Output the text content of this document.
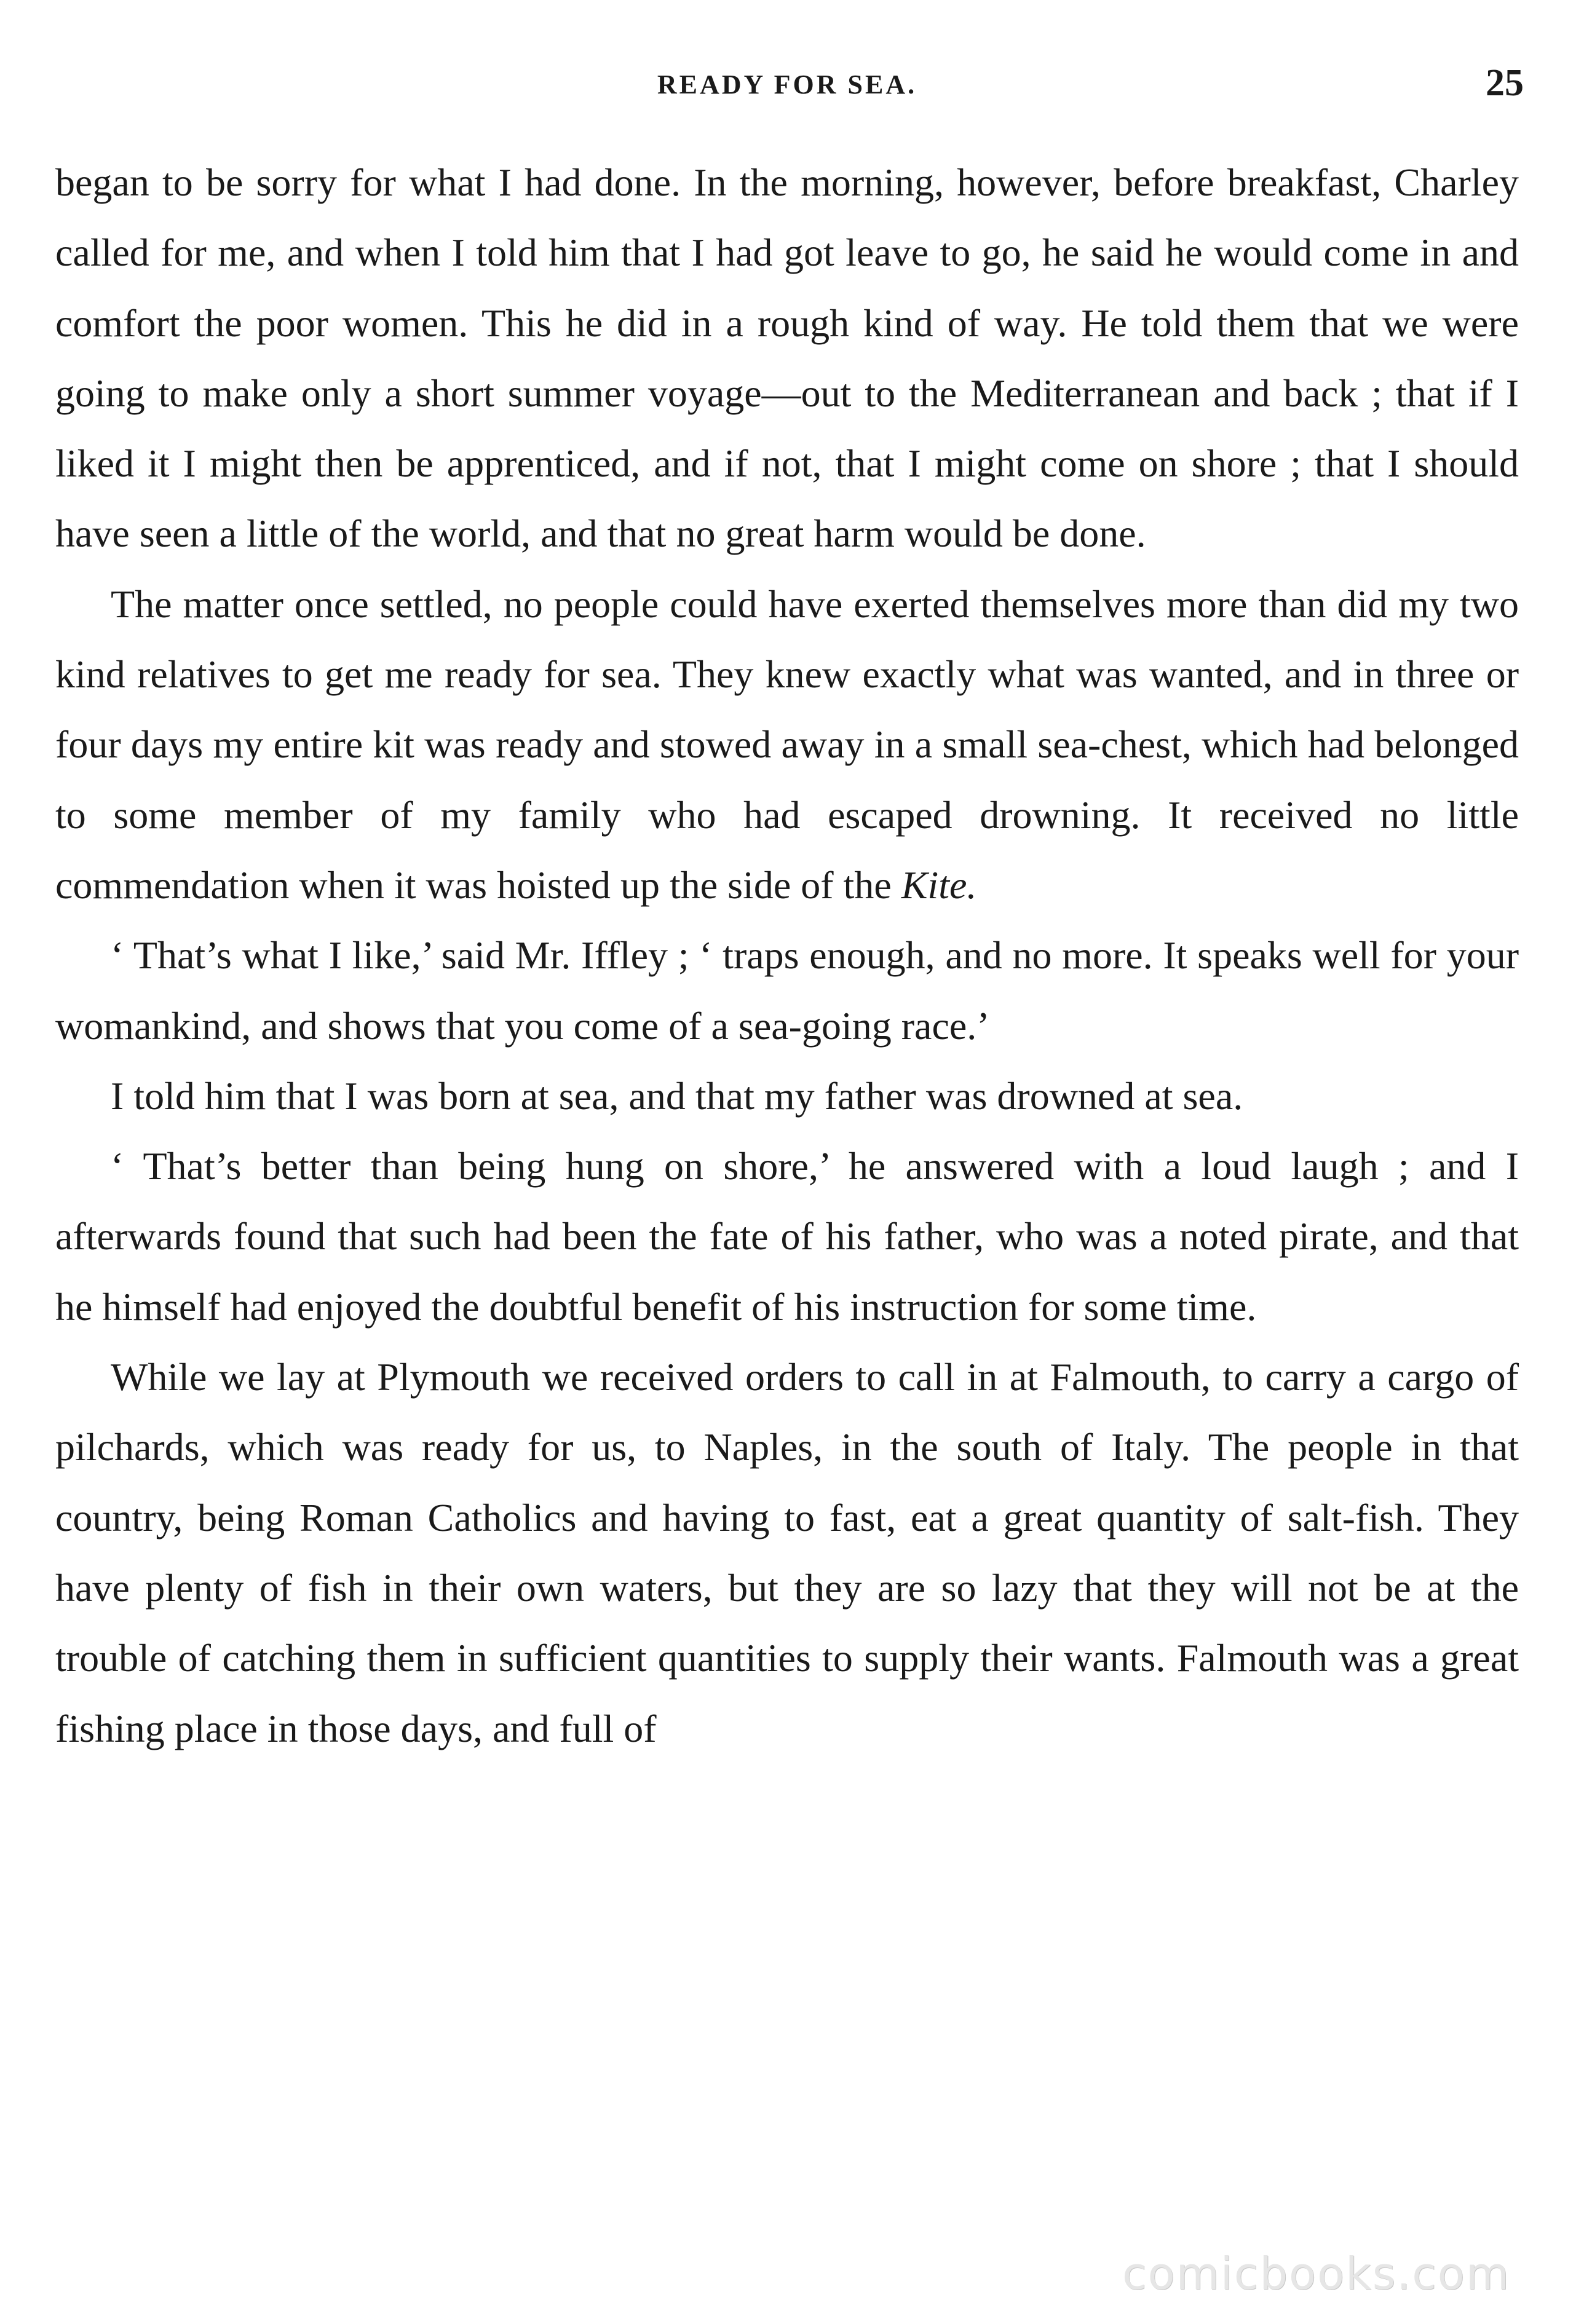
READY FOR SEA.	25

began to be sorry for what I had done. In the morning, however, before breakfast, Charley called for me, and when I told him that I had got leave to go, he said he would come in and comfort the poor women. This he did in a rough kind of way. He told them that we were going to make only a short summer voyage—out to the Mediterranean and back ; that if I liked it I might then be apprenticed, and if not, that I might come on shore ; that I should have seen a little of the world, and that no great harm would be done.

The matter once settled, no people could have exerted themselves more than did my two kind relatives to get me ready for sea. They knew exactly what was wanted, and in three or four days my entire kit was ready and stowed away in a small sea-chest, which had belonged to some member of my family who had escaped drowning. It received no little commendation when it was hoisted up the side of the Kite.

‘ That’s what I like,’ said Mr. Iffley ; ‘ traps enough, and no more. It speaks well for your womankind, and shows that you come of a sea-going race.’

I told him that I was born at sea, and that my father was drowned at sea.

‘ That’s better than being hung on shore,’ he answered with a loud laugh ; and I afterwards found that such had been the fate of his father, who was a noted pirate, and that he himself had enjoyed the doubtful benefit of his instruction for some time.

While we lay at Plymouth we received orders to call in at Falmouth, to carry a cargo of pilchards, which was ready for us, to Naples, in the south of Italy. The people in that country, being Roman Catholics and having to fast, eat a great quantity of salt-fish. They have plenty of fish in their own waters, but they are so lazy that they will not be at the trouble of catching them in sufficient quantities to supply their wants. Falmouth was a great fishing place in those days, and full of

comicbooks.com
